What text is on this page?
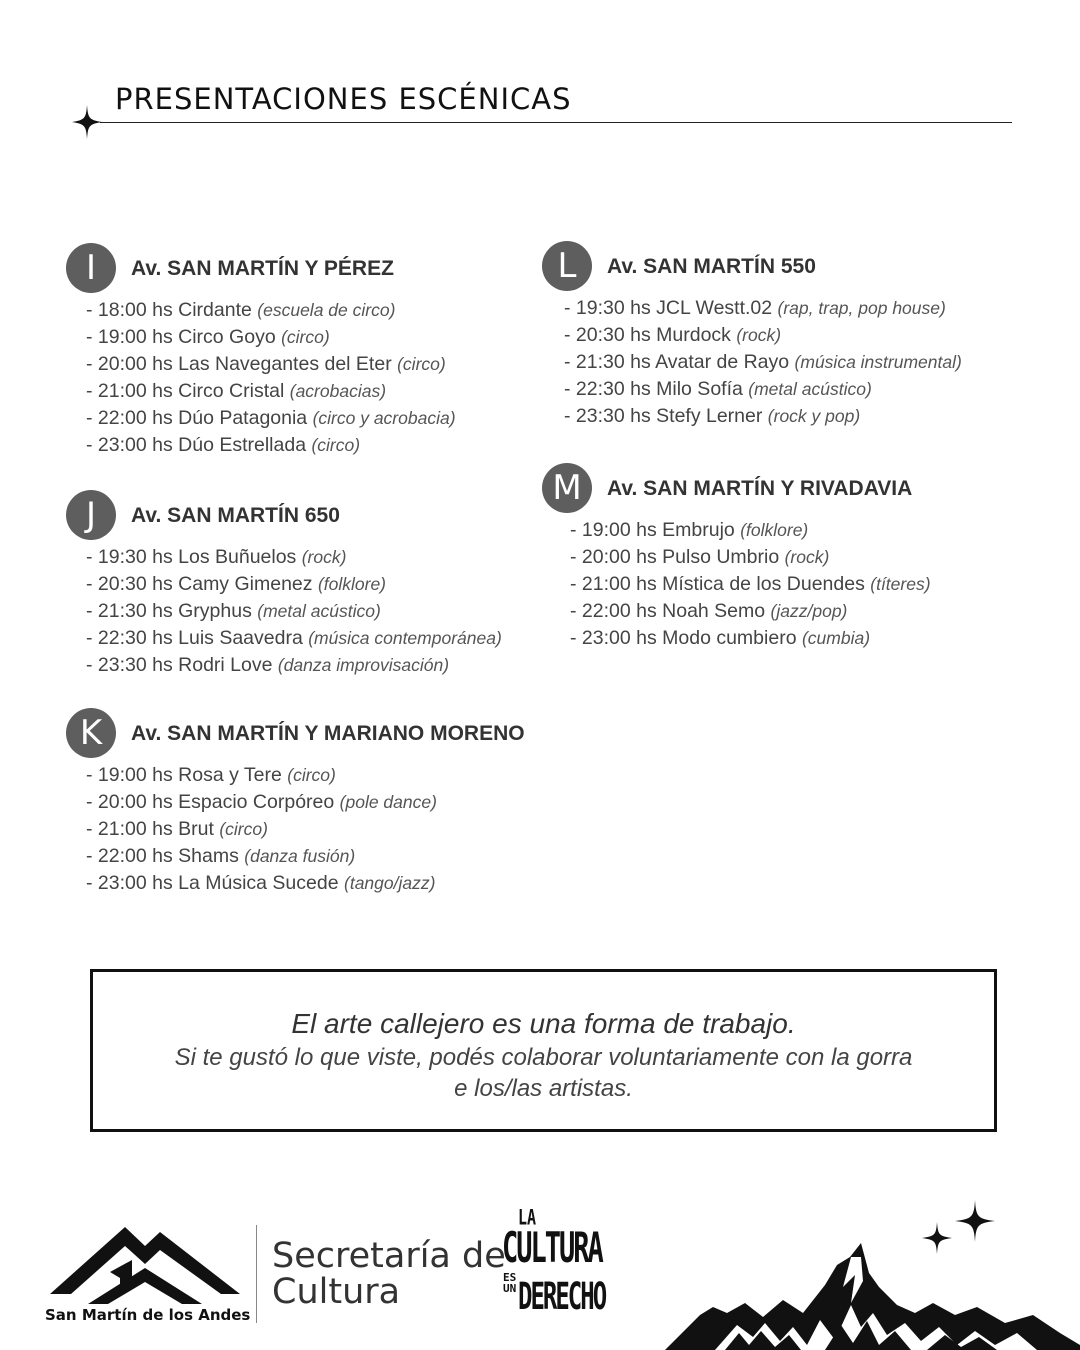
PRESENTACIONES ESCÉNICAS
I	Av. SAN MARTÍN Y PÉREZ
- 18:00 hs Cirdante (escuela de circo)
- 19:00 hs Circo Goyo (circo)
- 20:00 hs Las Navegantes del Eter (circo)
- 21:00 hs Circo Cristal (acrobacias)
- 22:00 hs Dúo Patagonia (circo y acrobacia)
- 23:00 hs Dúo Estrellada (circo)
J	Av. SAN MARTÍN 650
- 19:30 hs Los Buñuelos (rock)
- 20:30 hs Camy Gimenez (folklore)
- 21:30 hs Gryphus (metal acústico)
- 22:30 hs Luis Saavedra (música contemporánea)
- 23:30 hs Rodri Love (danza improvisación)
K	Av. SAN MARTÍN Y MARIANO MORENO
- 19:00 hs Rosa y Tere (circo)
- 20:00 hs Espacio Corpóreo (pole dance)
- 21:00 hs Brut (circo)
- 22:00 hs Shams (danza fusión)
- 23:00 hs La Música Sucede (tango/jazz)
L	Av. SAN MARTÍN 550
- 19:30 hs JCL Westt.02 (rap, trap, pop house)
- 20:30 hs Murdock (rock)
- 21:30 hs Avatar de Rayo (música instrumental)
- 22:30 hs Milo Sofía (metal acústico)
- 23:30 hs Stefy Lerner (rock y pop)
M	Av. SAN MARTÍN Y RIVADAVIA
- 19:00 hs Embrujo (folklore)
- 20:00 hs Pulso Umbrio (rock)
- 21:00 hs Mística de los Duendes (títeres)
- 22:00 hs Noah Semo (jazz/pop)
- 23:00 hs Modo cumbiero (cumbia)
El arte callejero es una forma de trabajo.
Si te gustó lo que viste, podés colaborar voluntariamente con la gorra
e los/las artistas.
San Martín de los Andes
Secretaría de
Cultura
LA
CULTURA
ES UN DERECHO
